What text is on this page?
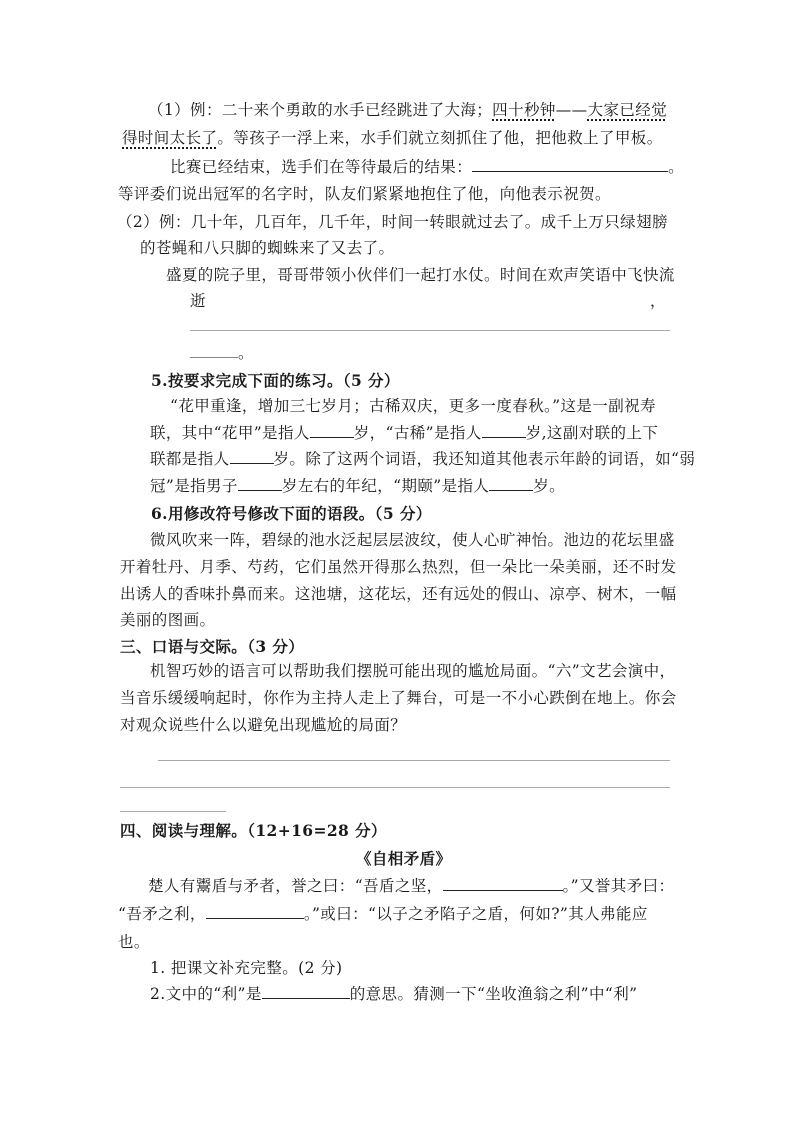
（1）例：二十来个勇敢的水手已经跳进了大海；四十秒钟——大家已经觉
得时间太长了。等孩子一浮上来，水手们就立刻抓住了他，把他救上了甲板。
比赛已经结束，选手们在等待最后的结果：	。
等评委们说出冠军的名字时，队友们紧紧地抱住了他，向他表示祝贺。
（2）例：几十年，几百年，几千年，时间一转眼就过去了。成千上万只绿翅膀
的苍蝇和八只脚的蜘蛛来了又去了。
盛夏的院子里，哥哥带领小伙伴们一起打水仗。时间在欢声笑语中飞快流
逝	，
。
5.按要求完成下面的练习。（5 分）
“花甲重逢，增加三七岁月；古稀双庆，更多一度春秋。”这是一副祝寿
联，其中“花甲”是指人	岁，“古稀”是指人	岁,这副对联的上下
联都是指人	岁。除了这两个词语，我还知道其他表示年龄的词语，如“弱
冠”是指男子	岁左右的年纪，“期颐”是指人	岁。
6.用修改符号修改下面的语段。（5 分）
微风吹来一阵，碧绿的池水泛起层层波纹，使人心旷神怡。池边的花坛里盛
开着牡丹、月季、芍药，它们虽然开得那么热烈，但一朵比一朵美丽，还不时发
出诱人的香味扑鼻而来。这池塘，这花坛，还有远处的假山、凉亭、树木，一幅
美丽的图画。
三、口语与交际。（3 分）
机智巧妙的语言可以帮助我们摆脱可能出现的尴尬局面。“六”文艺会演中，
当音乐缓缓响起时，你作为主持人走上了舞台，可是一不小心跌倒在地上。你会
对观众说些什么以避免出现尴尬的局面？
四、阅读与理解。（12+16=28 分）
《自相矛盾》
楚人有鬻盾与矛者，誉之曰：“吾盾之坚，	。”又誉其矛曰：
“吾矛之利，	。”或曰：“以子之矛陷子之盾，何如?”其人弗能应
也。
1. 把课文补充完整。(2 分)
2.文中的“利”是	的意思。猜测一下“坐收渔翁之利”中“利”
